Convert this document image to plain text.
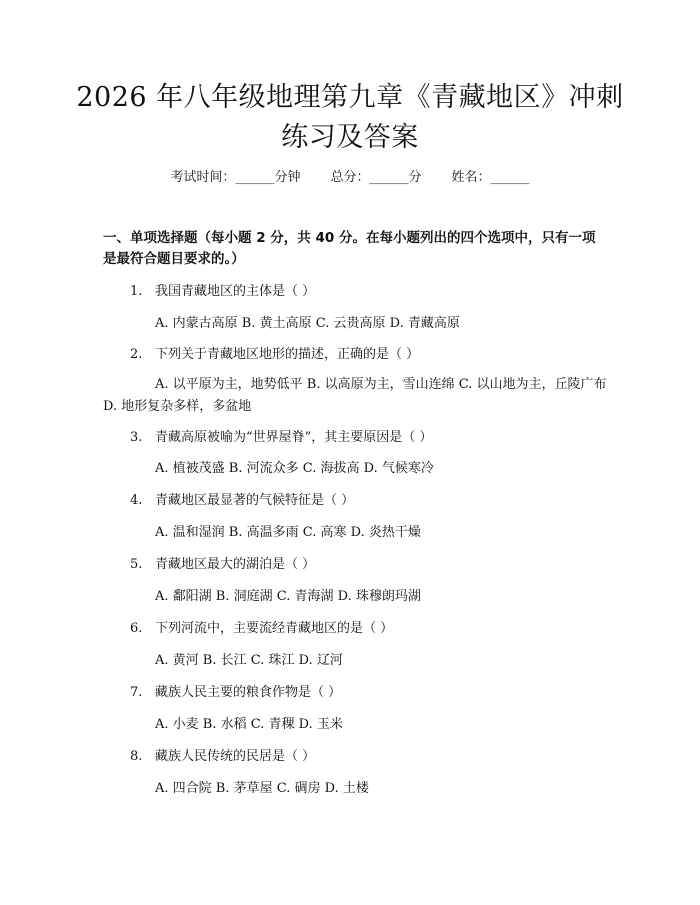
2026 年八年级地理第九章《青藏地区》冲刺
练习及答案
考试时间：______分钟 总分：______分 姓名：______
一、单项选择题（每小题 2 分，共 40 分。在每小题列出的四个选项中，只有一项是最符合题目要求的。）
1. 我国青藏地区的主体是（ ）
A. 内蒙古高原 B. 黄土高原 C. 云贵高原 D. 青藏高原
2. 下列关于青藏地区地形的描述，正确的是（ ）
A. 以平原为主，地势低平 B. 以高原为主，雪山连绵 C. 以山地为主，丘陵广布 D. 地形复杂多样，多盆地
3. 青藏高原被喻为“世界屋脊”，其主要原因是（ ）
A. 植被茂盛 B. 河流众多 C. 海拔高 D. 气候寒冷
4. 青藏地区最显著的气候特征是（ ）
A. 温和湿润 B. 高温多雨 C. 高寒 D. 炎热干燥
5. 青藏地区最大的湖泊是（ ）
A. 鄱阳湖 B. 洞庭湖 C. 青海湖 D. 珠穆朗玛湖
6. 下列河流中，主要流经青藏地区的是（ ）
A. 黄河 B. 长江 C. 珠江 D. 辽河
7. 藏族人民主要的粮食作物是（ ）
A. 小麦 B. 水稻 C. 青稞 D. 玉米
8. 藏族人民传统的民居是（ ）
A. 四合院 B. 茅草屋 C. 碉房 D. 土楼
